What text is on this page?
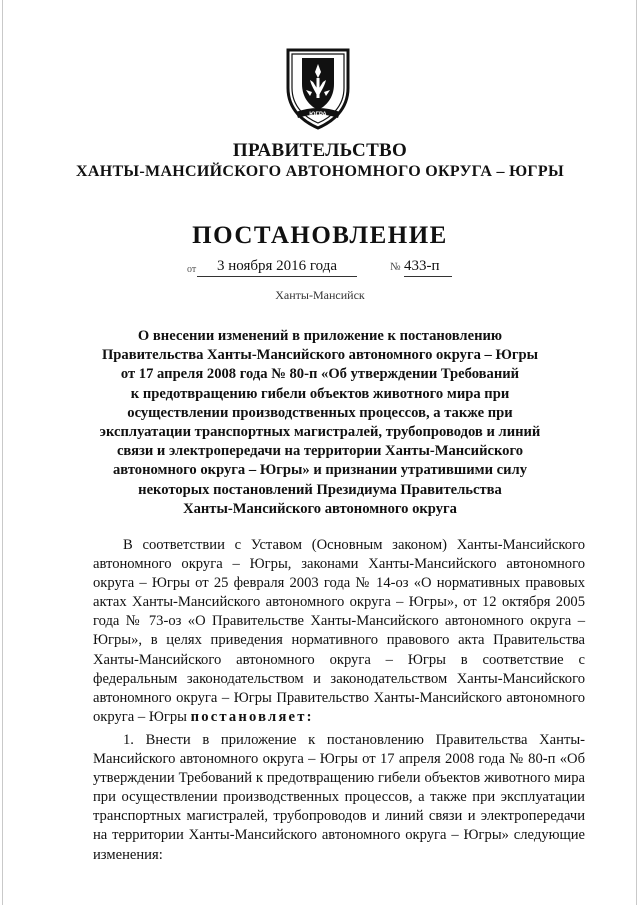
ЮГРА
ПРАВИТЕЛЬСТВО
ХАНТЫ-МАНСИЙСКОГО АВТОНОМНОГО ОКРУГА – ЮГРЫ
ПОСТАНОВЛЕНИЕ
от	3 ноября 2016 года	№ 433-п
Ханты-Мансийск
О внесении изменений в приложение к постановлению
Правительства Ханты-Мансийского автономного округа – Югры
от 17 апреля 2008 года № 80-п «Об утверждении Требований
к предотвращению гибели объектов животного мира при
осуществлении производственных процессов, а также при
эксплуатации транспортных магистралей, трубопроводов и линий
связи и электропередачи на территории Ханты-Мансийского
автономного округа – Югры» и признании утратившими силу
некоторых постановлений Президиума Правительства
Ханты-Мансийского автономного округа
В соответствии с Уставом (Основным законом) Ханты-Мансийского автономного округа – Югры, законами Ханты-Мансийского автономного округа – Югры от 25 февраля 2003 года № 14-оз «О нормативных правовых актах Ханты-Мансийского автономного округа – Югры», от 12 октября 2005 года № 73-оз «О Правительстве Ханты-Мансийского автономного округа – Югры», в целях приведения нормативного правового акта Правительства Ханты-Мансийского автономного округа – Югры в соответствие с федеральным законодательством и законодательством Ханты-Мансийского автономного округа – Югры Правительство Ханты-Мансийского автономного округа – Югры постановляет:
1. Внести в приложение к постановлению Правительства Ханты-Мансийского автономного округа – Югры от 17 апреля 2008 года № 80-п «Об утверждении Требований к предотвращению гибели объектов животного мира при осуществлении производственных процессов, а также при эксплуатации транспортных магистралей, трубопроводов и линий связи и электропередачи на территории Ханты-Мансийского автономного округа – Югры» следующие изменения:
